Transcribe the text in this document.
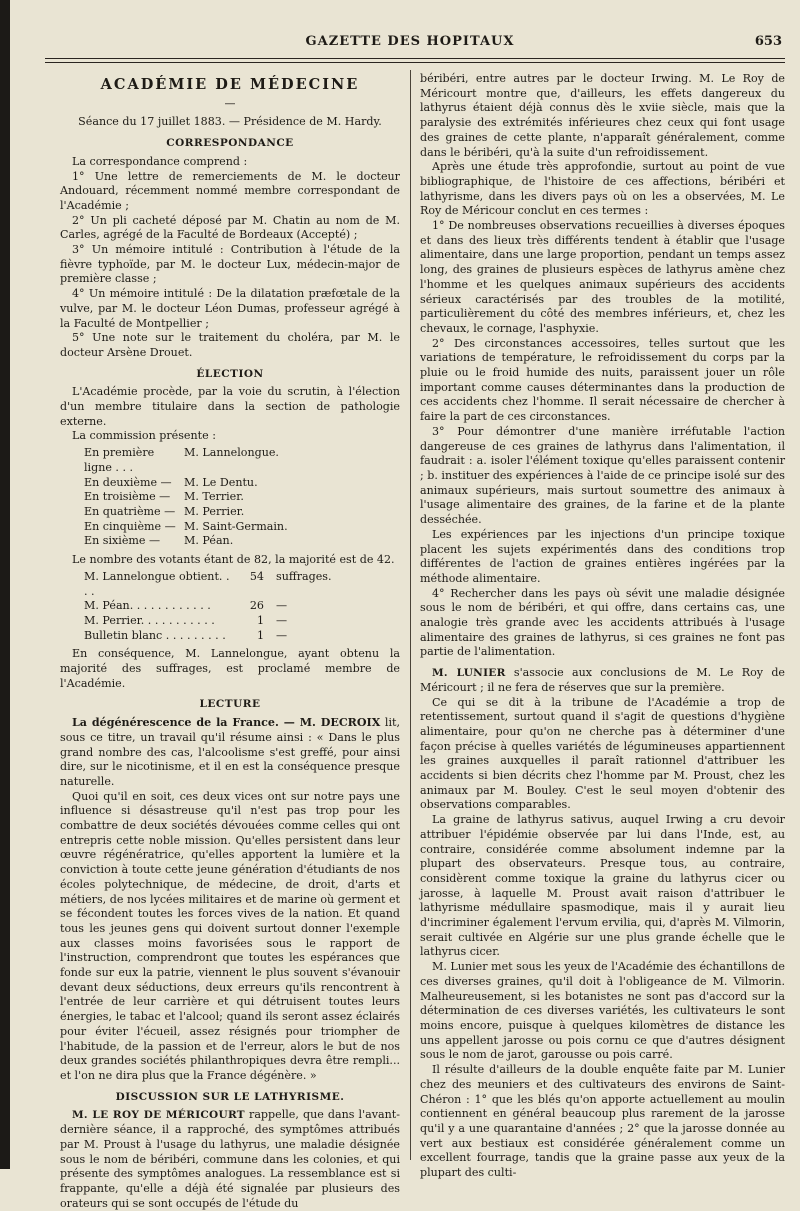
GAZETTE DES HOPITAUX	653
ACADÉMIE DE MÉDECINE
—
Séance du 17 juillet 1883. — Présidence de M. Hardy.
CORRESPONDANCE

La correspondance comprend :

1° Une lettre de remerciements de M. le docteur Andouard, récemment nommé membre correspondant de l'Académie ;

2° Un pli cacheté déposé par M. Chatin au nom de M. Carles, agrégé de la Faculté de Bordeaux (Accepté) ;

3° Un mémoire intitulé : Contribution à l'étude de la fièvre typhoïde, par M. le docteur Lux, médecin-major de première classe ;

4° Un mémoire intitulé : De la dilatation præfœtale de la vulve, par M. le docteur Léon Dumas, professeur agrégé à la Faculté de Montpellier ;

5° Une note sur le traitement du choléra, par M. le docteur Arsène Drouet.

ÉLECTION

L'Académie procède, par la voie du scrutin, à l'élection d'un membre titulaire dans la section de pathologie externe.

La commission présente :

En première ligne . . .
M. Lannelongue.
En deuxième —	M. Le Dentu.
En troisième —	M. Terrier.
En quatrième — M. Perrier.
En cinquième — M. Saint-Germain.
En sixième —	M. Péan.

Le nombre des votants étant de 82, la majorité est de 42.

M. Lannelongue obtient. . . .
54 suffrages.
M. Péan. . . . . . . . . . . .	26 —
M. Perrier. . . . . . . . . . .	1 —
Bulletin blanc . . . . . . . . .	1 —

En conséquence, M. Lannelongue, ayant obtenu la majorité des suffrages, est proclamé membre de l'Académie.

LECTURE

La dégénérescence de la France. — M. DECROIX lit, sous ce titre, un travail qu'il résume ainsi : « Dans le plus grand nombre des cas, l'alcoolisme s'est greffé, pour ainsi dire, sur le nicotinisme, et il en est la conséquence presque naturelle.

Quoi qu'il en soit, ces deux vices ont sur notre pays une influence si désastreuse qu'il n'est pas trop pour les combattre de deux sociétés dévouées comme celles qui ont entrepris cette noble mission. Qu'elles persistent dans leur œuvre régénératrice, qu'elles apportent la lumière et la conviction à toute cette jeune génération d'étudiants de nos écoles polytechnique, de médecine, de droit, d'arts et métiers, de nos lycées militaires et de marine où germent et se fécondent toutes les forces vives de la nation. Et quand tous les jeunes gens qui doivent surtout donner l'exemple aux classes moins favorisées sous le rapport de l'instruction, comprendront que toutes les espérances que fonde sur eux la patrie, viennent le plus souvent s'évanouir devant deux séductions, deux erreurs qu'ils rencontrent à l'entrée de leur carrière et qui détruisent toutes leurs énergies, le tabac et l'alcool; quand ils seront assez éclairés pour éviter l'écueil, assez résignés pour triompher de l'habitude, de la passion et de l'erreur, alors le but de nos deux grandes sociétés philanthropiques devra être rempli... et l'on ne dira plus que la France dégénère. »

DISCUSSION SUR LE LATHYRISME.

M. LE ROY DE MÉRICOURT rappelle, que dans l'avant-dernière séance, il a rapproché, des symptômes attribués par M. Proust à l'usage du lathyrus, une maladie désignée sous le nom de béribéri, commune dans les colonies, et qui présente des symptômes analogues. La ressemblance est si frappante, qu'elle a déjà été signalée par plusieurs des orateurs qui se sont occupés de l'étude du

béribéri, entre autres par le docteur Irwing. M. Le Roy de Méricourt montre que, d'ailleurs, les effets dangereux du lathyrus étaient déjà connus dès le xviie siècle, mais que la paralysie des extrémités inférieures chez ceux qui font usage des graines de cette plante, n'apparaît généralement, comme dans le béribéri, qu'à la suite d'un refroidissement.

Après une étude très approfondie, surtout au point de vue bibliographique, de l'histoire de ces affections, béribéri et lathyrisme, dans les divers pays où on les a observées, M. Le Roy de Méricour conclut en ces termes :

1° De nombreuses observations recueillies à diverses époques et dans des lieux très différents tendent à établir que l'usage alimentaire, dans une large proportion, pendant un temps assez long, des graines de plusieurs espèces de lathyrus amène chez l'homme et les quelques animaux supérieurs des accidents sérieux caractérisés par des troubles de la motilité, particulièrement du côté des membres inférieurs, et, chez les chevaux, le cornage, l'asphyxie.

2° Des circonstances accessoires, telles surtout que les variations de température, le refroidissement du corps par la pluie ou le froid humide des nuits, paraissent jouer un rôle important comme causes déterminantes dans la production de ces accidents chez l'homme. Il serait nécessaire de chercher à faire la part de ces circonstances.

3° Pour démontrer d'une manière irréfutable l'action dangereuse de ces graines de lathyrus dans l'alimentation, il faudrait : a. isoler l'élément toxique qu'elles paraissent contenir ; b. instituer des expériences à l'aide de ce principe isolé sur des animaux supérieurs, mais surtout soumettre des animaux à l'usage alimentaire des graines, de la farine et de la plante desséchée.

Les expériences par les injections d'un principe toxique placent les sujets expérimentés dans des conditions trop différentes de l'action de graines entières ingérées par la méthode alimentaire.

4° Rechercher dans les pays où sévit une maladie désignée sous le nom de béribéri, et qui offre, dans certains cas, une analogie très grande avec les accidents attribués à l'usage alimentaire des graines de lathyrus, si ces graines ne font pas partie de l'alimentation.

M. LUNIER s'associe aux conclusions de M. Le Roy de Méricourt ; il ne fera de réserves que sur la première.

Ce qui se dit à la tribune de l'Académie a trop de retentissement, surtout quand il s'agit de questions d'hygiène alimentaire, pour qu'on ne cherche pas à déterminer d'une façon précise à quelles variétés de légumineuses appartiennent les graines auxquelles il paraît rationnel d'attribuer les accidents si bien décrits chez l'homme par M. Proust, chez les animaux par M. Bouley. C'est le seul moyen d'obtenir des observations comparables.

La graine de lathyrus sativus, auquel Irwing a cru devoir attribuer l'épidémie observée par lui dans l'Inde, est, au contraire, considérée comme absolument indemne par la plupart des observateurs. Presque tous, au contraire, considèrent comme toxique la graine du lathyrus cicer ou jarosse, à laquelle M. Proust avait raison d'attribuer le lathyrisme médullaire spasmodique, mais il y aurait lieu d'incriminer également l'ervum ervilia, qui, d'après M. Vilmorin, serait cultivée en Algérie sur une plus grande échelle que le lathyrus cicer.

M. Lunier met sous les yeux de l'Académie des échantillons de ces diverses graines, qu'il doit à l'obligeance de M. Vilmorin. Malheureusement, si les botanistes ne sont pas d'accord sur la détermination de ces diverses variétés, les cultivateurs le sont moins encore, puisque à quelques kilomètres de distance les uns appellent jarosse ou pois cornu ce que d'autres désignent sous le nom de jarot, garousse ou pois carré.

Il résulte d'ailleurs de la double enquête faite par M. Lunier chez des meuniers et des cultivateurs des environs de Saint-Chéron : 1° que les blés qu'on apporte actuellement au moulin contiennent en général beaucoup plus rarement de la jarosse qu'il y a une quarantaine d'années ; 2° que la jarosse donnée au vert aux bestiaux est considérée généralement comme un excellent fourrage, tandis que la graine passe aux yeux de la plupart des culti-
